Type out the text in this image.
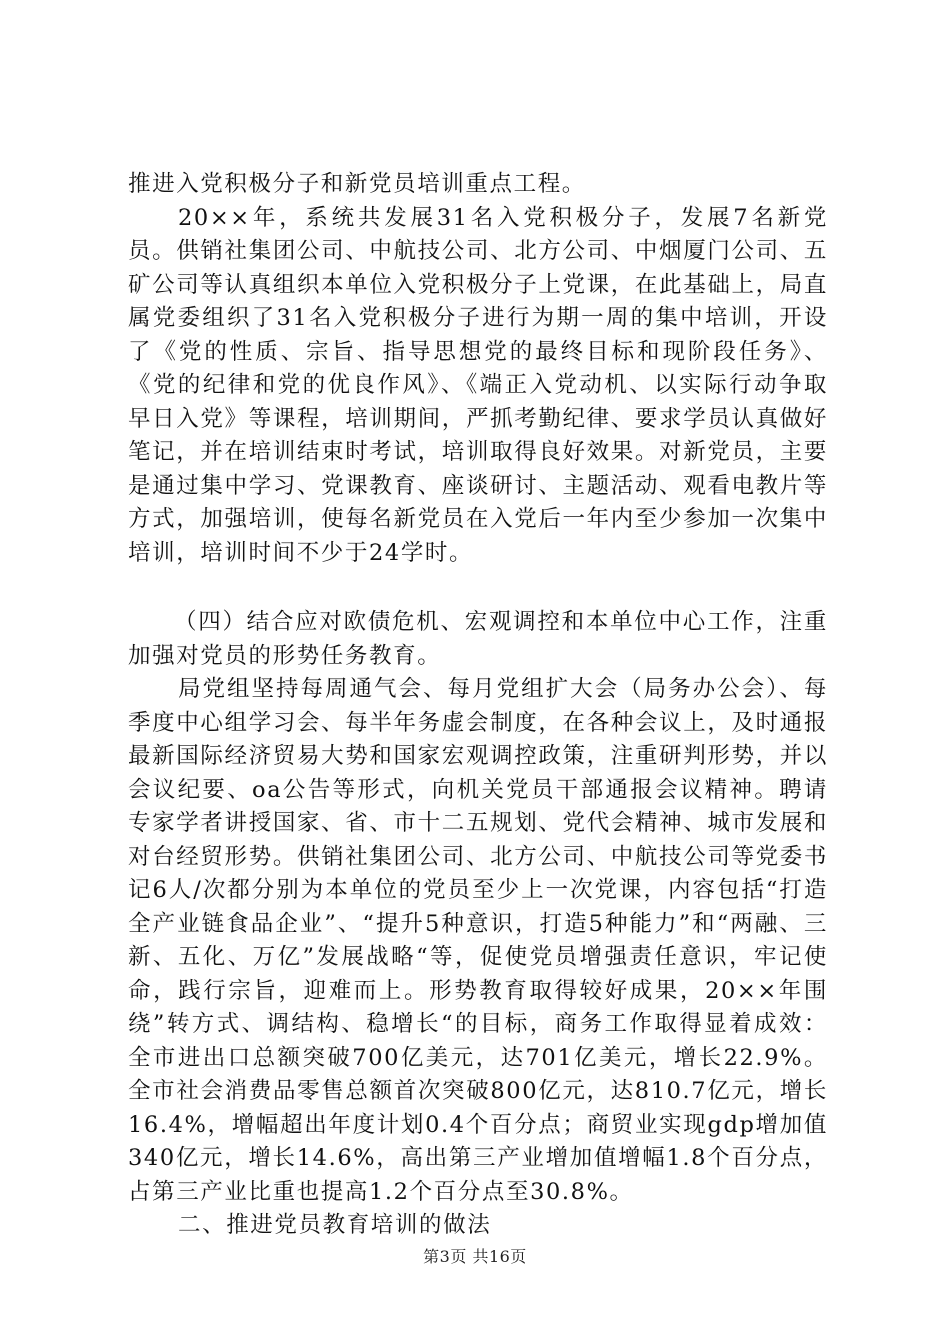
推进入党积极分子和新党员培训重点工程。

20××年，系统共发展31名入党积极分子，发展7名新党员。供销社集团公司、中航技公司、北方公司、中烟厦门公司、五矿公司等认真组织本单位入党积极分子上党课，在此基础上，局直属党委组织了31名入党积极分子进行为期一周的集中培训，开设了《党的性质、宗旨、指导思想党的最终目标和现阶段任务》、《党的纪律和党的优良作风》、《端正入党动机、以实际行动争取早日入党》等课程，培训期间，严抓考勤纪律、要求学员认真做好笔记，并在培训结束时考试，培训取得良好效果。对新党员，主要是通过集中学习、党课教育、座谈研讨、主题活动、观看电教片等方式，加强培训，使每名新党员在入党后一年内至少参加一次集中培训，培训时间不少于24学时。

（四）结合应对欧债危机、宏观调控和本单位中心工作，注重加强对党员的形势任务教育。

局党组坚持每周通气会、每月党组扩大会（局务办公会）、每季度中心组学习会、每半年务虚会制度，在各种会议上，及时通报最新国际经济贸易大势和国家宏观调控政策，注重研判形势，并以会议纪要、oa公告等形式，向机关党员干部通报会议精神。聘请专家学者讲授国家、省、市十二五规划、党代会精神、城市发展和对台经贸形势。供销社集团公司、北方公司、中航技公司等党委书记6人/次都分别为本单位的党员至少上一次党课，内容包括“打造全产业链食品企业”、“提升5种意识，打造5种能力”和“两融、三新、五化、万亿”发展战略“等，促使党员增强责任意识，牢记使命，践行宗旨，迎难而上。形势教育取得较好成果，20××年围绕”转方式、调结构、稳增长“的目标，商务工作取得显着成效：全市进出口总额突破700亿美元，达701亿美元，增长22.9%。全市社会消费品零售总额首次突破800亿元，达810.7亿元，增长16.4%，增幅超出年度计划0.4个百分点；商贸业实现gdp增加值340亿元，增长14.6%，高出第三产业增加值增幅1.8个百分点，占第三产业比重也提高1.2个百分点至30.8%。

二、推进党员教育培训的做法

第3页 共16页
